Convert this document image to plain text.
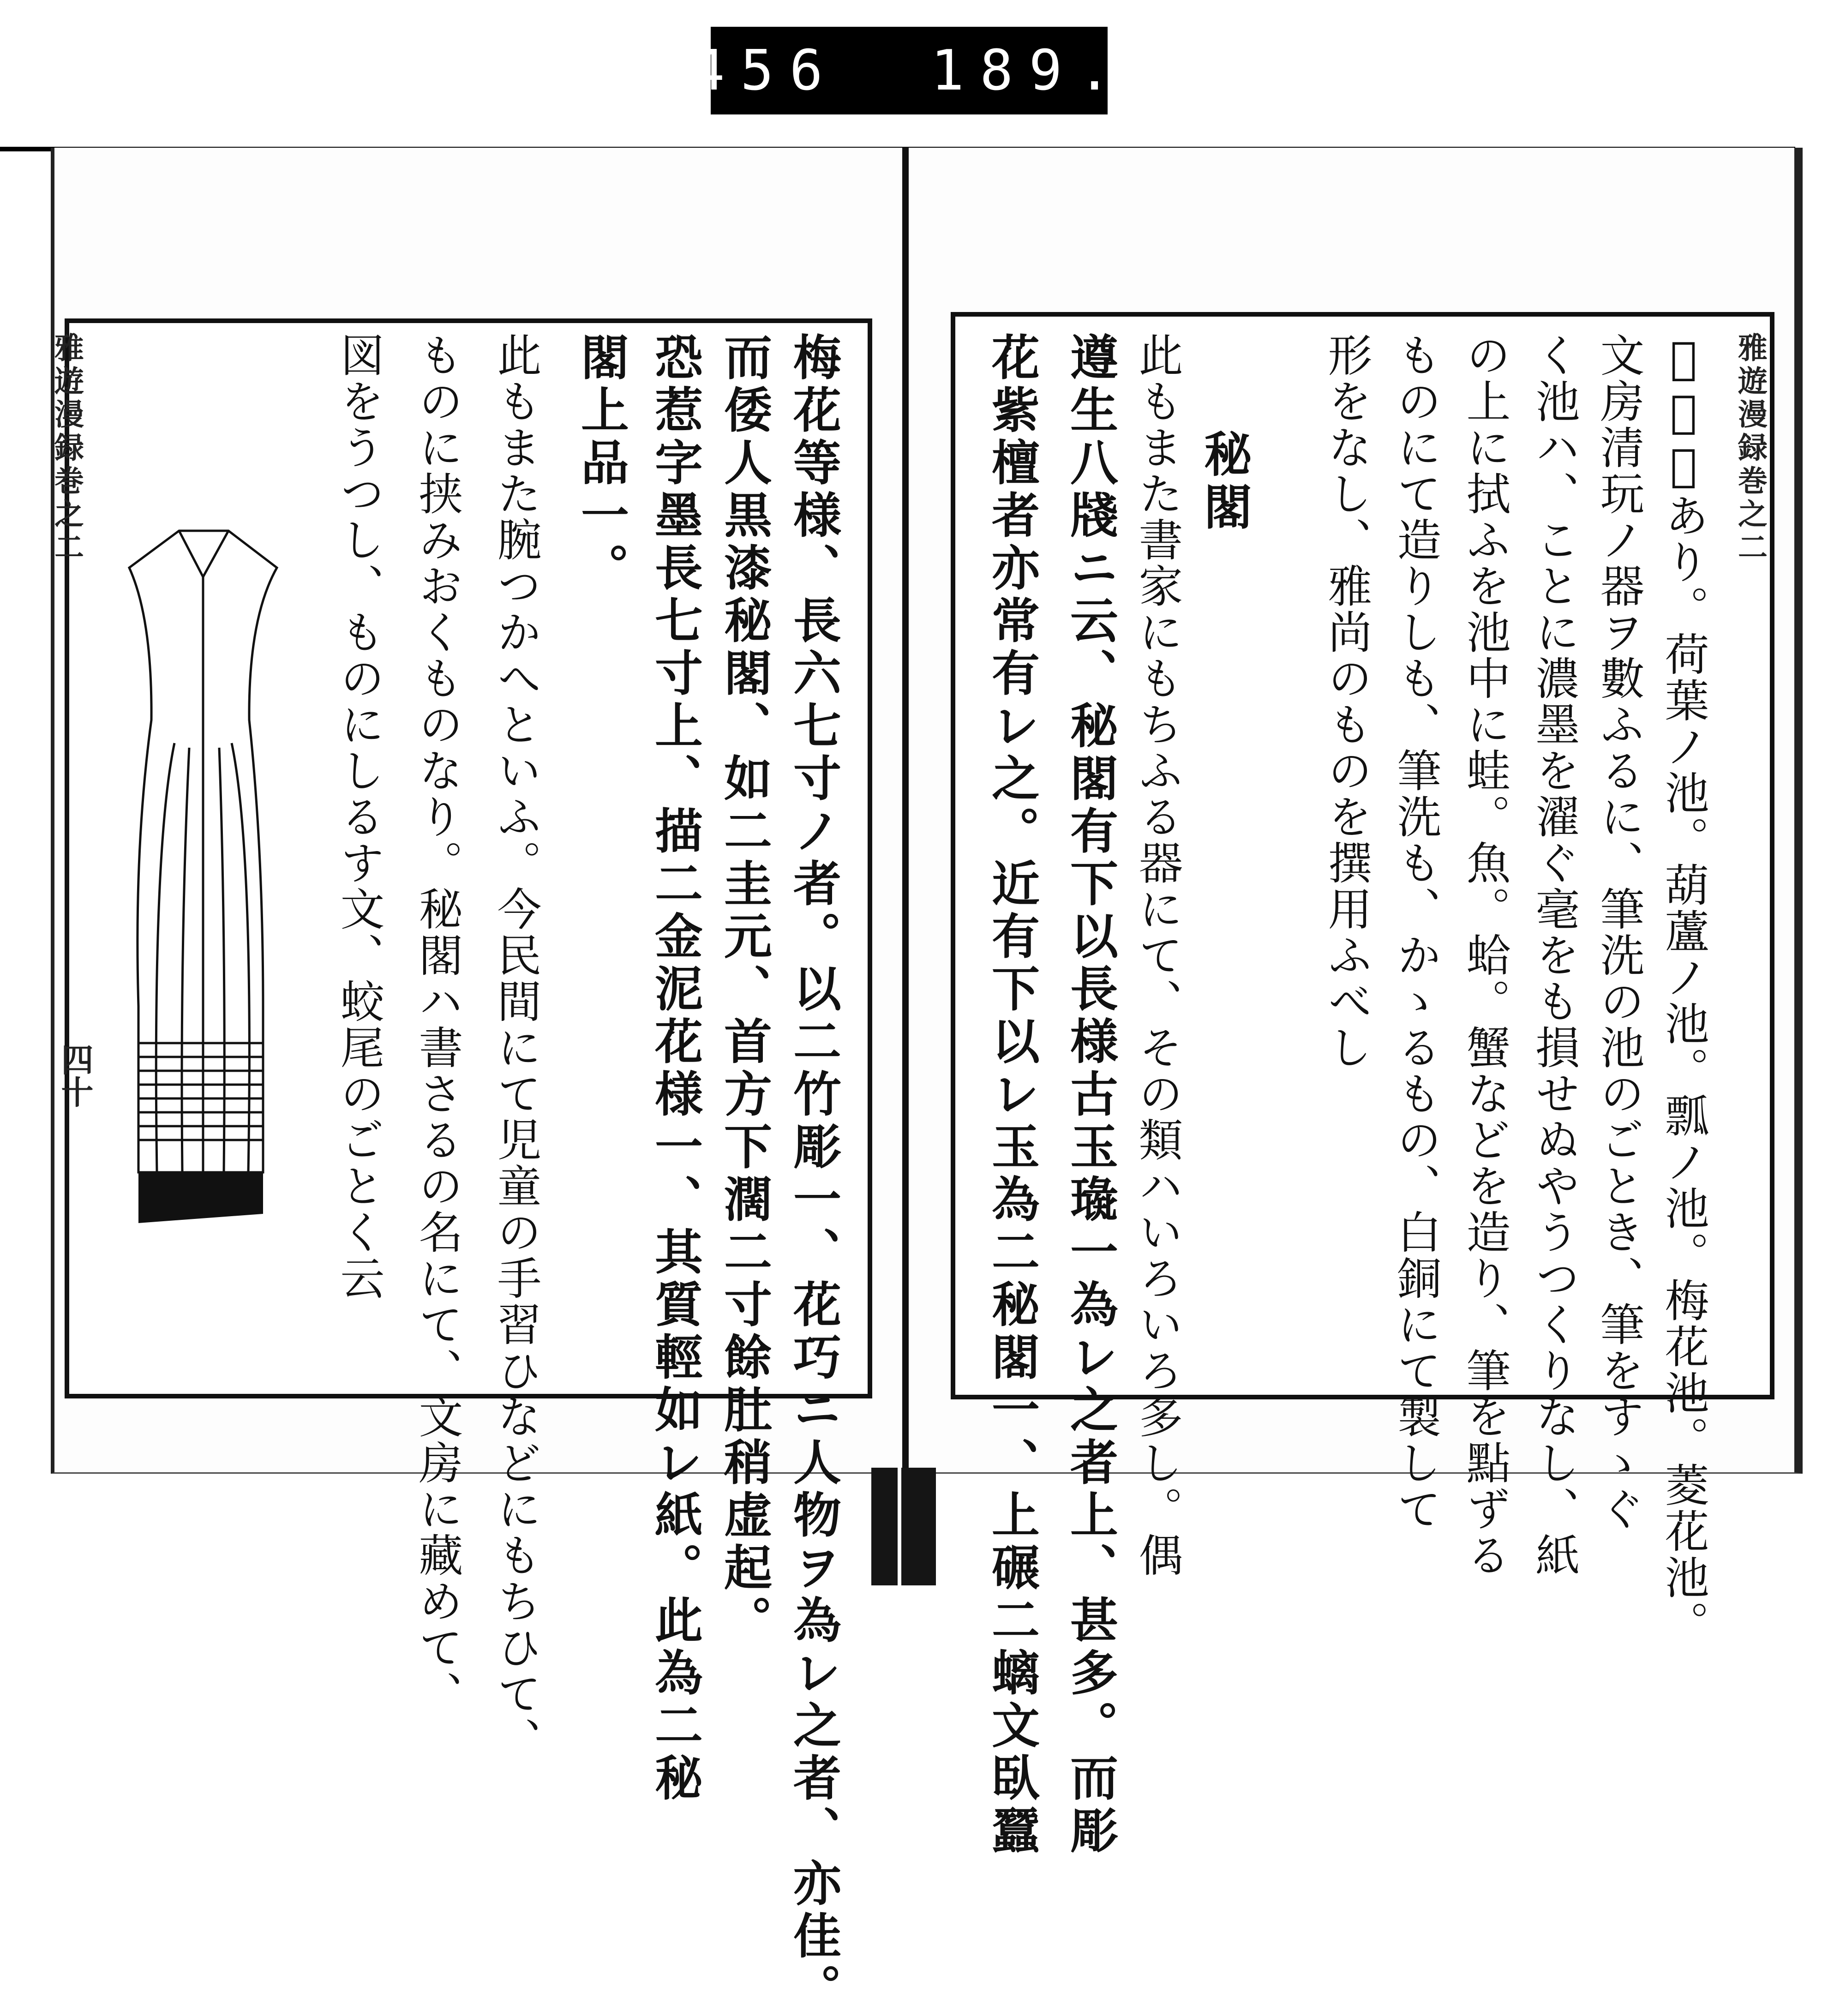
456 189.
雅遊漫録巻之二
四十
雅遊漫録巻之二
𪜈刻〆あり。荷葉ノ池。葫蘆ノ池。瓢ノ池。梅花池。菱花池。
文房清玩ノ器ヲ數ふるに、筆洗の池のごとき、筆をすゝぐ
く池ハ、ことに濃墨を濯ぐ毫をも損せぬやうつくりなし、紙
の上に拭ふを池中に蛙。魚。蛤。蟹などを造り、筆を點ずる
ものにて造りしも、筆洗も、かゝるもの、白銅にて製して
形をなし、雅尚のものを撰用ふべし
秘閣
此もまた書家にもちふる器にて、その類ハいろいろ多し。偶
遵生八牋ニ云、秘閣有下以長様古玉璏一為レ之者上、甚多。而彫
花紫檀者亦常有レ之。近有下以レ玉為二秘閣一、上碾二螭文臥蠶
梅花等様、長六七寸ノ者。以二竹彫一、花巧ニ人物ヲ為レ之者、亦佳。
而倭人黒漆秘閣、如二圭元、首方下濶二寸餘肚稍虚起。
恐惹字墨長七寸上、描二金泥花様一、其質輕如レ紙。此為二秘
閣上品一。
此もまた腕つかへといふ。今民間にて児童の手習ひなどにもちひて、
ものに挟みおくものなり。秘閣ハ書さるの名にて、文房に藏めて、
図をうつし、ものにしるす文、蛟尾のごとく云
